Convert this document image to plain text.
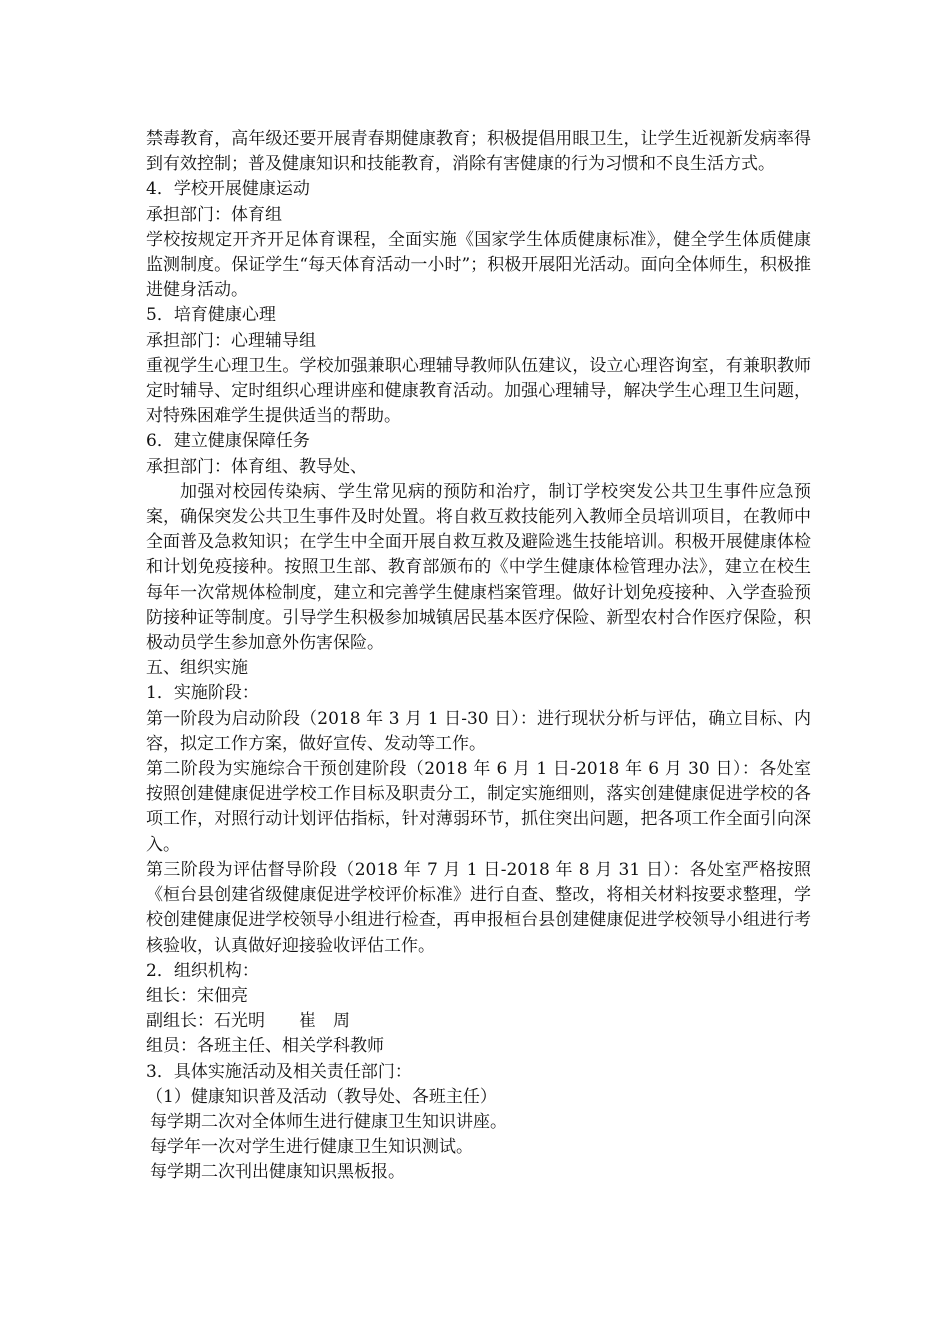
禁毒教育，高年级还要开展青春期健康教育；积极提倡用眼卫生，让学生近视新发病率得到有效控制；普及健康知识和技能教育，消除有害健康的行为习惯和不良生活方式。

4．学校开展健康运动

承担部门：体育组

学校按规定开齐开足体育课程，全面实施《国家学生体质健康标准》，健全学生体质健康监测制度。保证学生“每天体育活动一小时”；积极开展阳光活动。面向全体师生，积极推进健身活动。

5．培育健康心理

承担部门：心理辅导组

重视学生心理卫生。学校加强兼职心理辅导教师队伍建议，设立心理咨询室，有兼职教师定时辅导、定时组织心理讲座和健康教育活动。加强心理辅导，解决学生心理卫生问题，对特殊困难学生提供适当的帮助。

6．建立健康保障任务

承担部门：体育组、教导处、

加强对校园传染病、学生常见病的预防和治疗，制订学校突发公共卫生事件应急预案，确保突发公共卫生事件及时处置。将自救互救技能列入教师全员培训项目，在教师中全面普及急救知识；在学生中全面开展自救互救及避险逃生技能培训。积极开展健康体检和计划免疫接种。按照卫生部、教育部颁布的《中学生健康体检管理办法》，建立在校生每年一次常规体检制度，建立和完善学生健康档案管理。做好计划免疫接种、入学查验预防接种证等制度。引导学生积极参加城镇居民基本医疗保险、新型农村合作医疗保险，积极动员学生参加意外伤害保险。

五、组织实施

1．实施阶段：

第一阶段为启动阶段（2018 年 3 月 1 日-30 日）：进行现状分析与评估，确立目标、内容，拟定工作方案，做好宣传、发动等工作。

第二阶段为实施综合干预创建阶段（2018 年 6 月 1 日-2018 年 6 月 30 日）：各处室按照创建健康促进学校工作目标及职责分工，制定实施细则，落实创建健康促进学校的各项工作，对照行动计划评估指标，针对薄弱环节，抓住突出问题，把各项工作全面引向深入。

第三阶段为评估督导阶段（2018 年 7 月 1 日-2018 年 8 月 31 日）：各处室严格按照《桓台县创建省级健康促进学校评价标准》进行自查、整改，将相关材料按要求整理，学校创建健康促进学校领导小组进行检查，再申报桓台县创建健康促进学校领导小组进行考核验收，认真做好迎接验收评估工作。

2．组织机构：

组长：宋佃亮

副组长：石光明　　崔　周

组员：各班主任、相关学科教师

3．具体实施活动及相关责任部门：

（1）健康知识普及活动（教导处、各班主任）

每学期二次对全体师生进行健康卫生知识讲座。

每学年一次对学生进行健康卫生知识测试。

每学期二次刊出健康知识黑板报。
